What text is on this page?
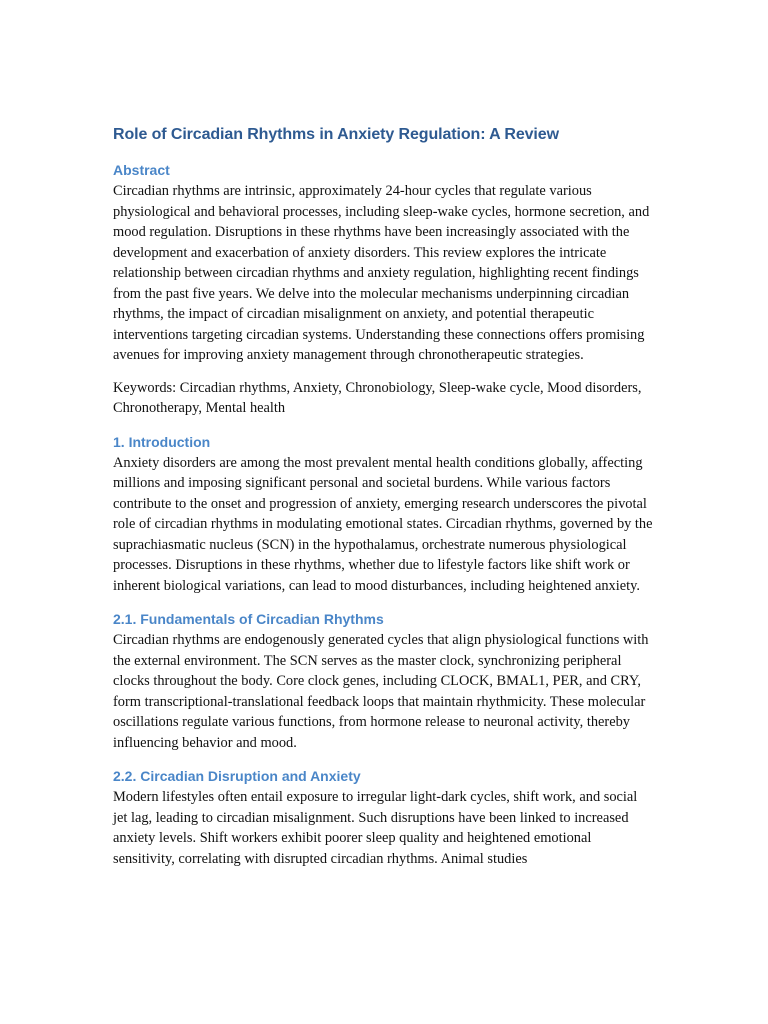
Role of Circadian Rhythms in Anxiety Regulation: A Review
Abstract

Circadian rhythms are intrinsic, approximately 24-hour cycles that regulate various physiological and behavioral processes, including sleep-wake cycles, hormone secretion, and mood regulation. Disruptions in these rhythms have been increasingly associated with the development and exacerbation of anxiety disorders. This review explores the intricate relationship between circadian rhythms and anxiety regulation, highlighting recent findings from the past five years. We delve into the molecular mechanisms underpinning circadian rhythms, the impact of circadian misalignment on anxiety, and potential therapeutic interventions targeting circadian systems. Understanding these connections offers promising avenues for improving anxiety management through chronotherapeutic strategies.

Keywords: Circadian rhythms, Anxiety, Chronobiology, Sleep-wake cycle, Mood disorders, Chronotherapy, Mental health

1. Introduction

Anxiety disorders are among the most prevalent mental health conditions globally, affecting millions and imposing significant personal and societal burdens. While various factors contribute to the onset and progression of anxiety, emerging research underscores the pivotal role of circadian rhythms in modulating emotional states. Circadian rhythms, governed by the suprachiasmatic nucleus (SCN) in the hypothalamus, orchestrate numerous physiological processes. Disruptions in these rhythms, whether due to lifestyle factors like shift work or inherent biological variations, can lead to mood disturbances, including heightened anxiety.

2.1. Fundamentals of Circadian Rhythms

Circadian rhythms are endogenously generated cycles that align physiological functions with the external environment. The SCN serves as the master clock, synchronizing peripheral clocks throughout the body. Core clock genes, including CLOCK, BMAL1, PER, and CRY, form transcriptional-translational feedback loops that maintain rhythmicity. These molecular oscillations regulate various functions, from hormone release to neuronal activity, thereby influencing behavior and mood.

2.2. Circadian Disruption and Anxiety

Modern lifestyles often entail exposure to irregular light-dark cycles, shift work, and social jet lag, leading to circadian misalignment. Such disruptions have been linked to increased anxiety levels. Shift workers exhibit poorer sleep quality and heightened emotional sensitivity, correlating with disrupted circadian rhythms. Animal studies
